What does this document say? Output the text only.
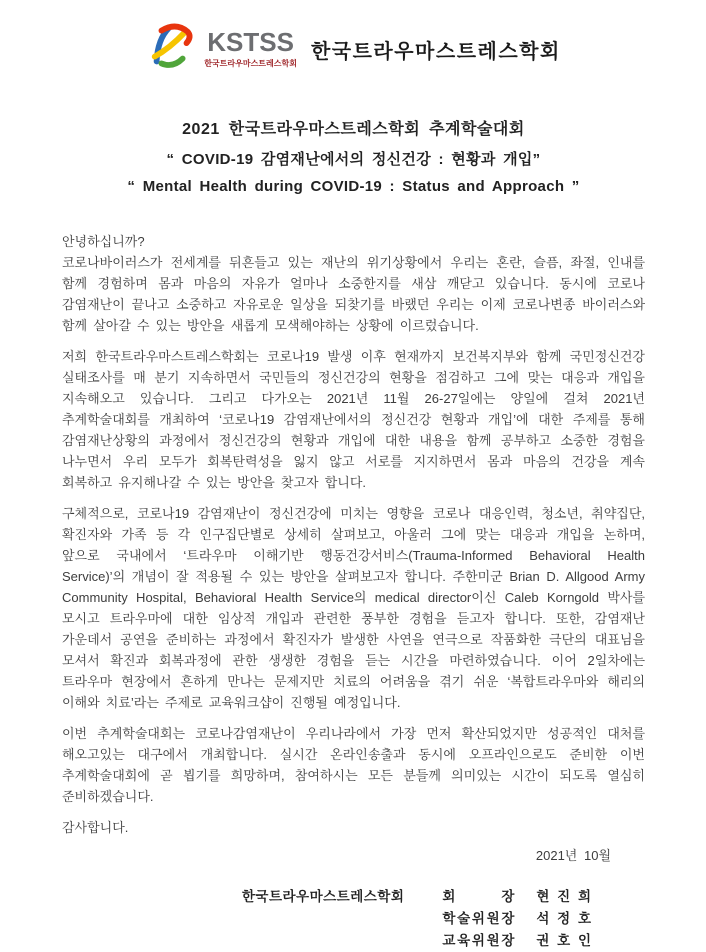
KSTSS
한국트라우마스트레스학회
한국트라우마스트레스학회
2021 한국트라우마스트레스학회 추계학술대회
“ COVID-19 감염재난에서의 정신건강 : 현황과 개입”
“ Mental Health during COVID-19 : Status and Approach ”

안녕하십니까?

코로나바이러스가 전세계를 뒤흔들고 있는 재난의 위기상황에서 우리는 혼란, 슬픔, 좌절, 인내를 함께 경험하며 몸과 마음의 자유가 얼마나 소중한지를 새삼 깨닫고 있습니다. 동시에 코로나 감염재난이 끝나고 소중하고 자유로운 일상을 되찾기를 바랬던 우리는 이제 코로나변종 바이러스와 함께 살아갈 수 있는 방안을 새롭게 모색해야하는 상황에 이르렀습니다.

저희 한국트라우마스트레스학회는 코로나19 발생 이후 현재까지 보건복지부와 함께 국민정신건강 실태조사를 매 분기 지속하면서 국민들의 정신건강의 현황을 점검하고 그에 맞는 대응과 개입을 지속해오고 있습니다. 그리고 다가오는 2021년 11월 26-27일에는 양일에 걸쳐 2021년 추계학술대회를 개최하여 ‘코로나19 감염재난에서의 정신건강 현황과 개입’에 대한 주제를 통해 감염재난상황의 과정에서 정신건강의 현황과 개입에 대한 내용을 함께 공부하고 소중한 경험을 나누면서 우리 모두가 회복탄력성을 잃지 않고 서로를 지지하면서 몸과 마음의 건강을 계속 회복하고 유지해나갈 수 있는 방안을 찾고자 합니다.

구체적으로, 코로나19 감염재난이 정신건강에 미치는 영향을 코로나 대응인력, 청소년, 취약집단, 확진자와 가족 등 각 인구집단별로 상세히 살펴보고, 아울러 그에 맞는 대응과 개입을 논하며, 앞으로 국내에서 ‘트라우마 이해기반 행동건강서비스(Trauma-Informed Behavioral Health Service)’의 개념이 잘 적용될 수 있는 방안을 살펴보고자 합니다. 주한미군 Brian D. Allgood Army Community Hospital, Behavioral Health Service의 medical director이신 Caleb Korngold 박사를 모시고 트라우마에 대한 임상적 개입과 관련한 풍부한 경험을 듣고자 합니다. 또한, 감염재난 가운데서 공연을 준비하는 과정에서 확진자가 발생한 사연을 연극으로 작품화한 극단의 대표님을 모셔서 확진과 회복과정에 관한 생생한 경험을 듣는 시간을 마련하였습니다. 이어 2일차에는 트라우마 현장에서 흔하게 만나는 문제지만 치료의 어려움을 겪기 쉬운 ‘복합트라우마와 해리의 이해와 치료’라는 주제로 교육워크샵이 진행될 예정입니다.

이번 추계학술대회는 코로나감염재난이 우리나라에서 가장 먼저 확산되었지만 성공적인 대처를 해오고있는 대구에서 개최합니다. 실시간 온라인송출과 동시에 오프라인으로도 준비한 이번 추계학술대회에 곧 뵙기를 희망하며, 참여하시는 모든 분들께 의미있는 시간이 되도록 열심히 준비하겠습니다.

감사합니다.

2021년 10월
한국트라우마스트레스학회	회	장 현 진 희
학 술 위 원 장 석 정 호
교 육 위 원 장 권 호 인
